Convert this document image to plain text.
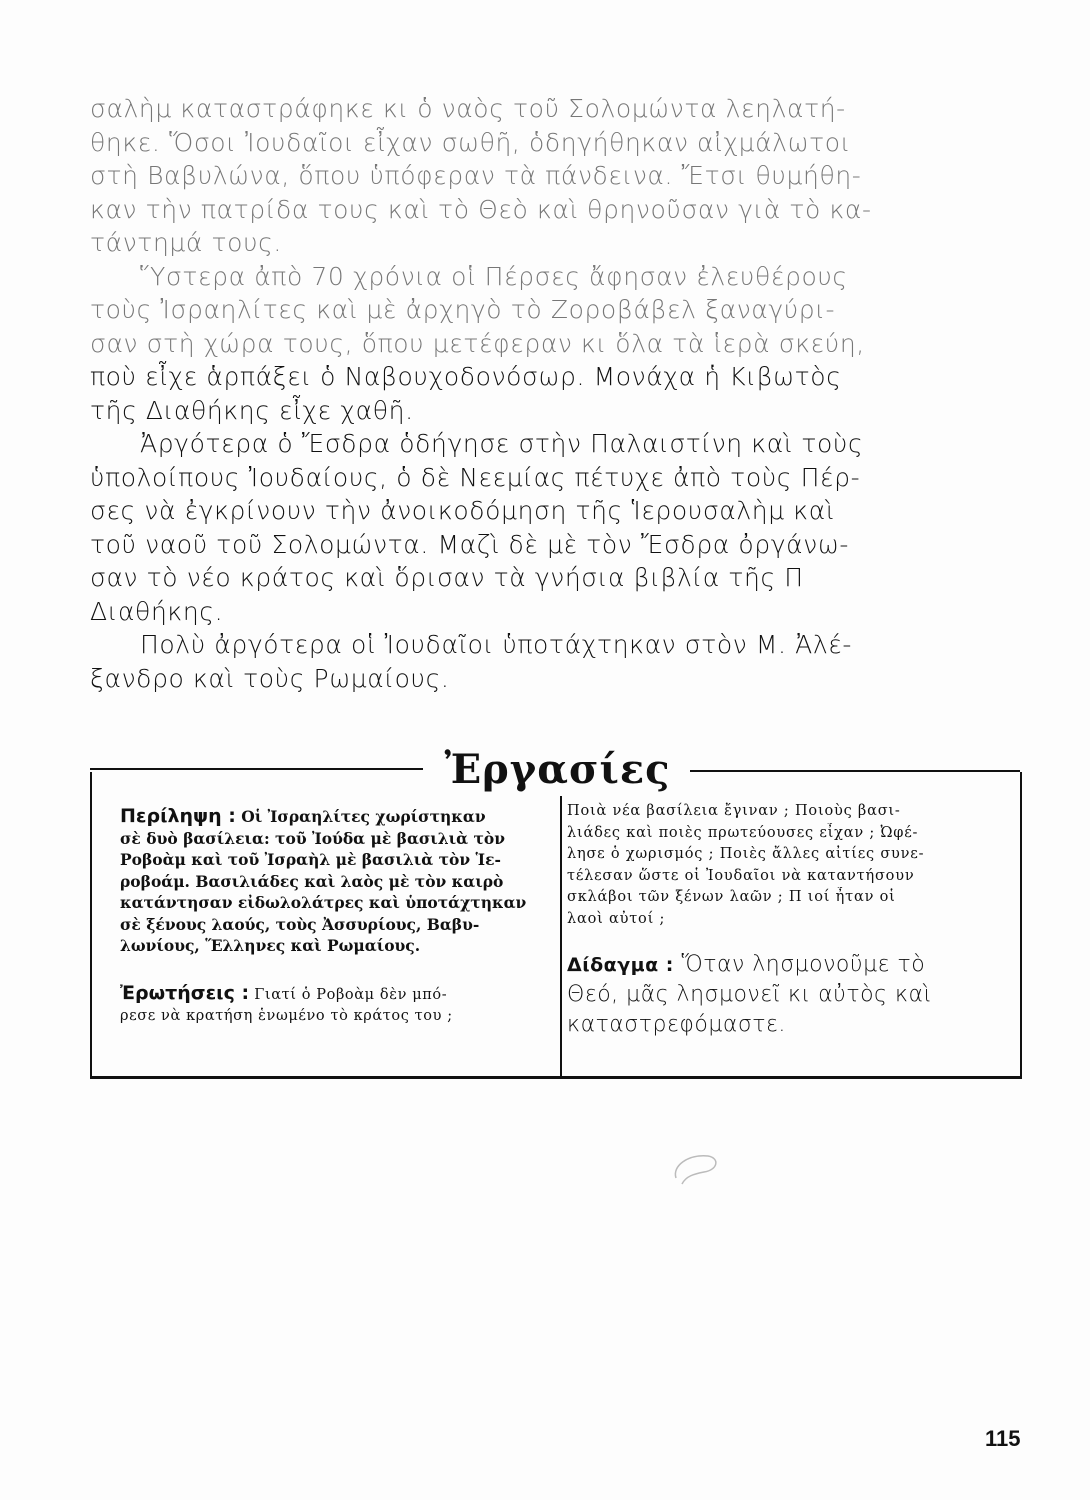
σαλὴμ καταστράφηκε κι ὁ ναὸς τοῦ Σολομώντα λεηλατή-
θηκε. Ὅσοι Ἰουδαῖοι εἶχαν σωθῆ, ὁδηγήθηκαν αἰχμάλωτοι
στὴ Βαβυλώνα, ὅπου ὑπόφεραν τὰ πάνδεινα. Ἔτσι θυμήθη-
καν τὴν πατρίδα τους καὶ τὸ Θεὸ καὶ θρηνοῦσαν γιὰ τὸ κα-
τάντημά τους.
Ὕστερα ἀπὸ 70 χρόνια οἱ Πέρσες ἄφησαν ἐλευθέρους
τοὺς Ἰσραηλίτες καὶ μὲ ἀρχηγὸ τὸ Ζοροβάβελ ξαναγύρι-
σαν στὴ χώρα τους, ὅπου μετέφεραν κι ὅλα τὰ ἱερὰ σκεύη,
ποὺ εἶχε ἁρπάξει ὁ Ναβουχοδονόσωρ. Μονάχα ἡ Κιβωτὸς
τῆς Διαθήκης εἶχε χαθῆ.
Ἀργότερα ὁ Ἔσδρα ὁδήγησε στὴν Παλαιστίνη καὶ τοὺς
ὑπολοίπους Ἰουδαίους, ὁ δὲ Νεεμίας πέτυχε ἀπὸ τοὺς Πέρ-
σες νὰ ἐγκρίνουν τὴν ἀνοικοδόμηση τῆς Ἱερουσαλὴμ καὶ
τοῦ ναοῦ τοῦ Σολομώντα. Μαζὶ δὲ μὲ τὸν Ἔσδρα ὀργάνω-
σαν τὸ νέο κράτος καὶ ὅρισαν τὰ γνήσια βιβλία τῆς Π
Διαθήκης.
Πολὺ ἀργότερα οἱ Ἰουδαῖοι ὑποτάχτηκαν στὸν Μ. Ἀλέ-
ξανδρο καὶ τοὺς Ρωμαίους.
Ἐργασίες
Περίληψη : Οἱ Ἰσραηλίτες χωρίστηκαν
σὲ δυὸ βασίλεια: τοῦ Ἰούδα μὲ βασιλιὰ τὸν
Ροβοὰμ καὶ τοῦ Ἰσραὴλ μὲ βασιλιὰ τὸν Ἱε-
ροβοάμ. Βασιλιάδες καὶ λαὸς μὲ τὸν καιρὸ
κατάντησαν εἰδωλολάτρες καὶ ὑποτάχτηκαν
σὲ ξένους λαούς, τοὺς Ἀσσυρίους, Βαβυ-
λωνίους, Ἕλληνες καὶ Ρωμαίους.
Ἐρωτήσεις : Γιατί ὁ Ροβοὰμ δὲν μπό-
ρεσε νὰ κρατήση ἑνωμένο τὸ κράτος του ;
Ποιὰ νέα βασίλεια ἔγιναν ; Ποιοὺς βασι-
λιάδες καὶ ποιὲς πρωτεύουσες εἶχαν ; Ὠφέ-
λησε ὁ χωρισμός ; Ποιὲς ἄλλες αἰτίες συνε-
τέλεσαν ὥστε οἱ Ἰουδαῖοι νὰ καταντήσουν
σκλάβοι τῶν ξένων λαῶν ; Π ιοί ἦταν οἱ
λαοὶ αὐτοί ;
Δίδαγμα : Ὅταν λησμονοῦμε τὸ
Θεό, μᾶς λησμονεῖ κι αὐτὸς καὶ
καταστρεφόμαστε.
115
